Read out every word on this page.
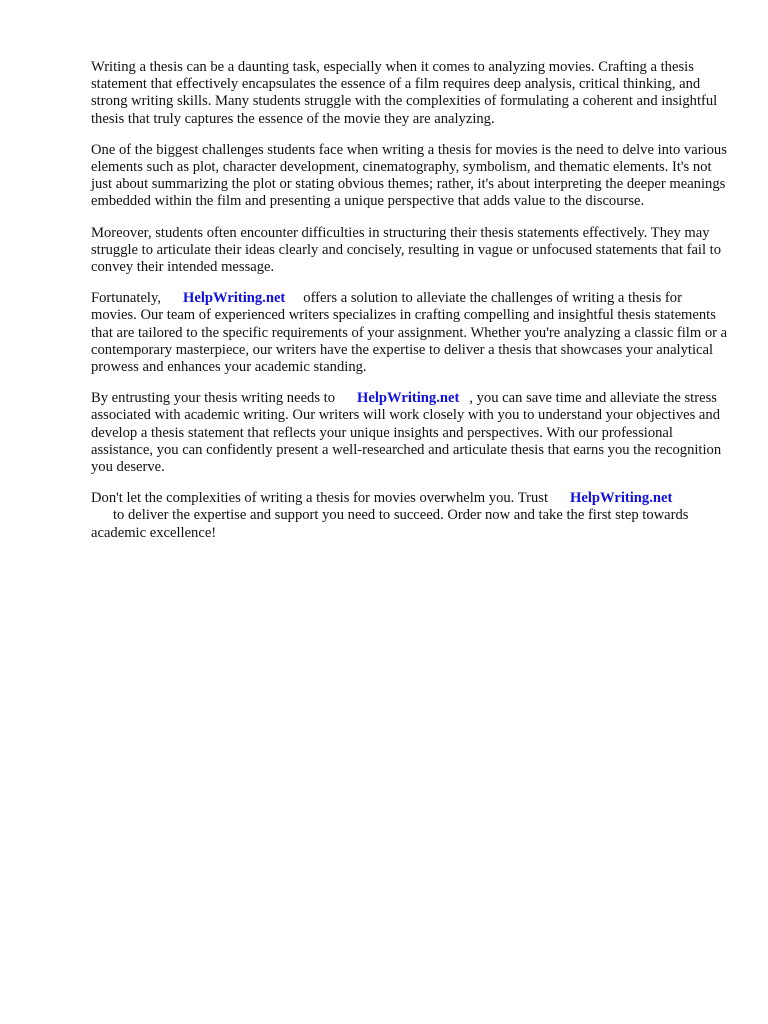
Writing a thesis can be a daunting task, especially when it comes to analyzing movies. Crafting a thesis statement that effectively encapsulates the essence of a film requires deep analysis, critical thinking, and strong writing skills. Many students struggle with the complexities of formulating a coherent and insightful thesis that truly captures the essence of the movie they are analyzing.

One of the biggest challenges students face when writing a thesis for movies is the need to delve into various elements such as plot, character development, cinematography, symbolism, and thematic elements. It's not just about summarizing the plot or stating obvious themes; rather, it's about interpreting the deeper meanings embedded within the film and presenting a unique perspective that adds value to the discourse.

Moreover, students often encounter difficulties in structuring their thesis statements effectively. They may struggle to articulate their ideas clearly and concisely, resulting in vague or unfocused statements that fail to convey their intended message.

Fortunately, HelpWriting.net offers a solution to alleviate the challenges of writing a thesis for movies. Our team of experienced writers specializes in crafting compelling and insightful thesis statements that are tailored to the specific requirements of your assignment. Whether you're analyzing a classic film or a contemporary masterpiece, our writers have the expertise to deliver a thesis that showcases your analytical prowess and enhances your academic standing.

By entrusting your thesis writing needs to HelpWriting.net , you can save time and alleviate the stress associated with academic writing. Our writers will work closely with you to understand your objectives and develop a thesis statement that reflects your unique insights and perspectives. With our professional assistance, you can confidently present a well-researched and articulate thesis that earns you the recognition you deserve.

Don't let the complexities of writing a thesis for movies overwhelm you. Trust HelpWriting.net
to deliver the expertise and support you need to succeed. Order now and take the first step towards academic excellence!
